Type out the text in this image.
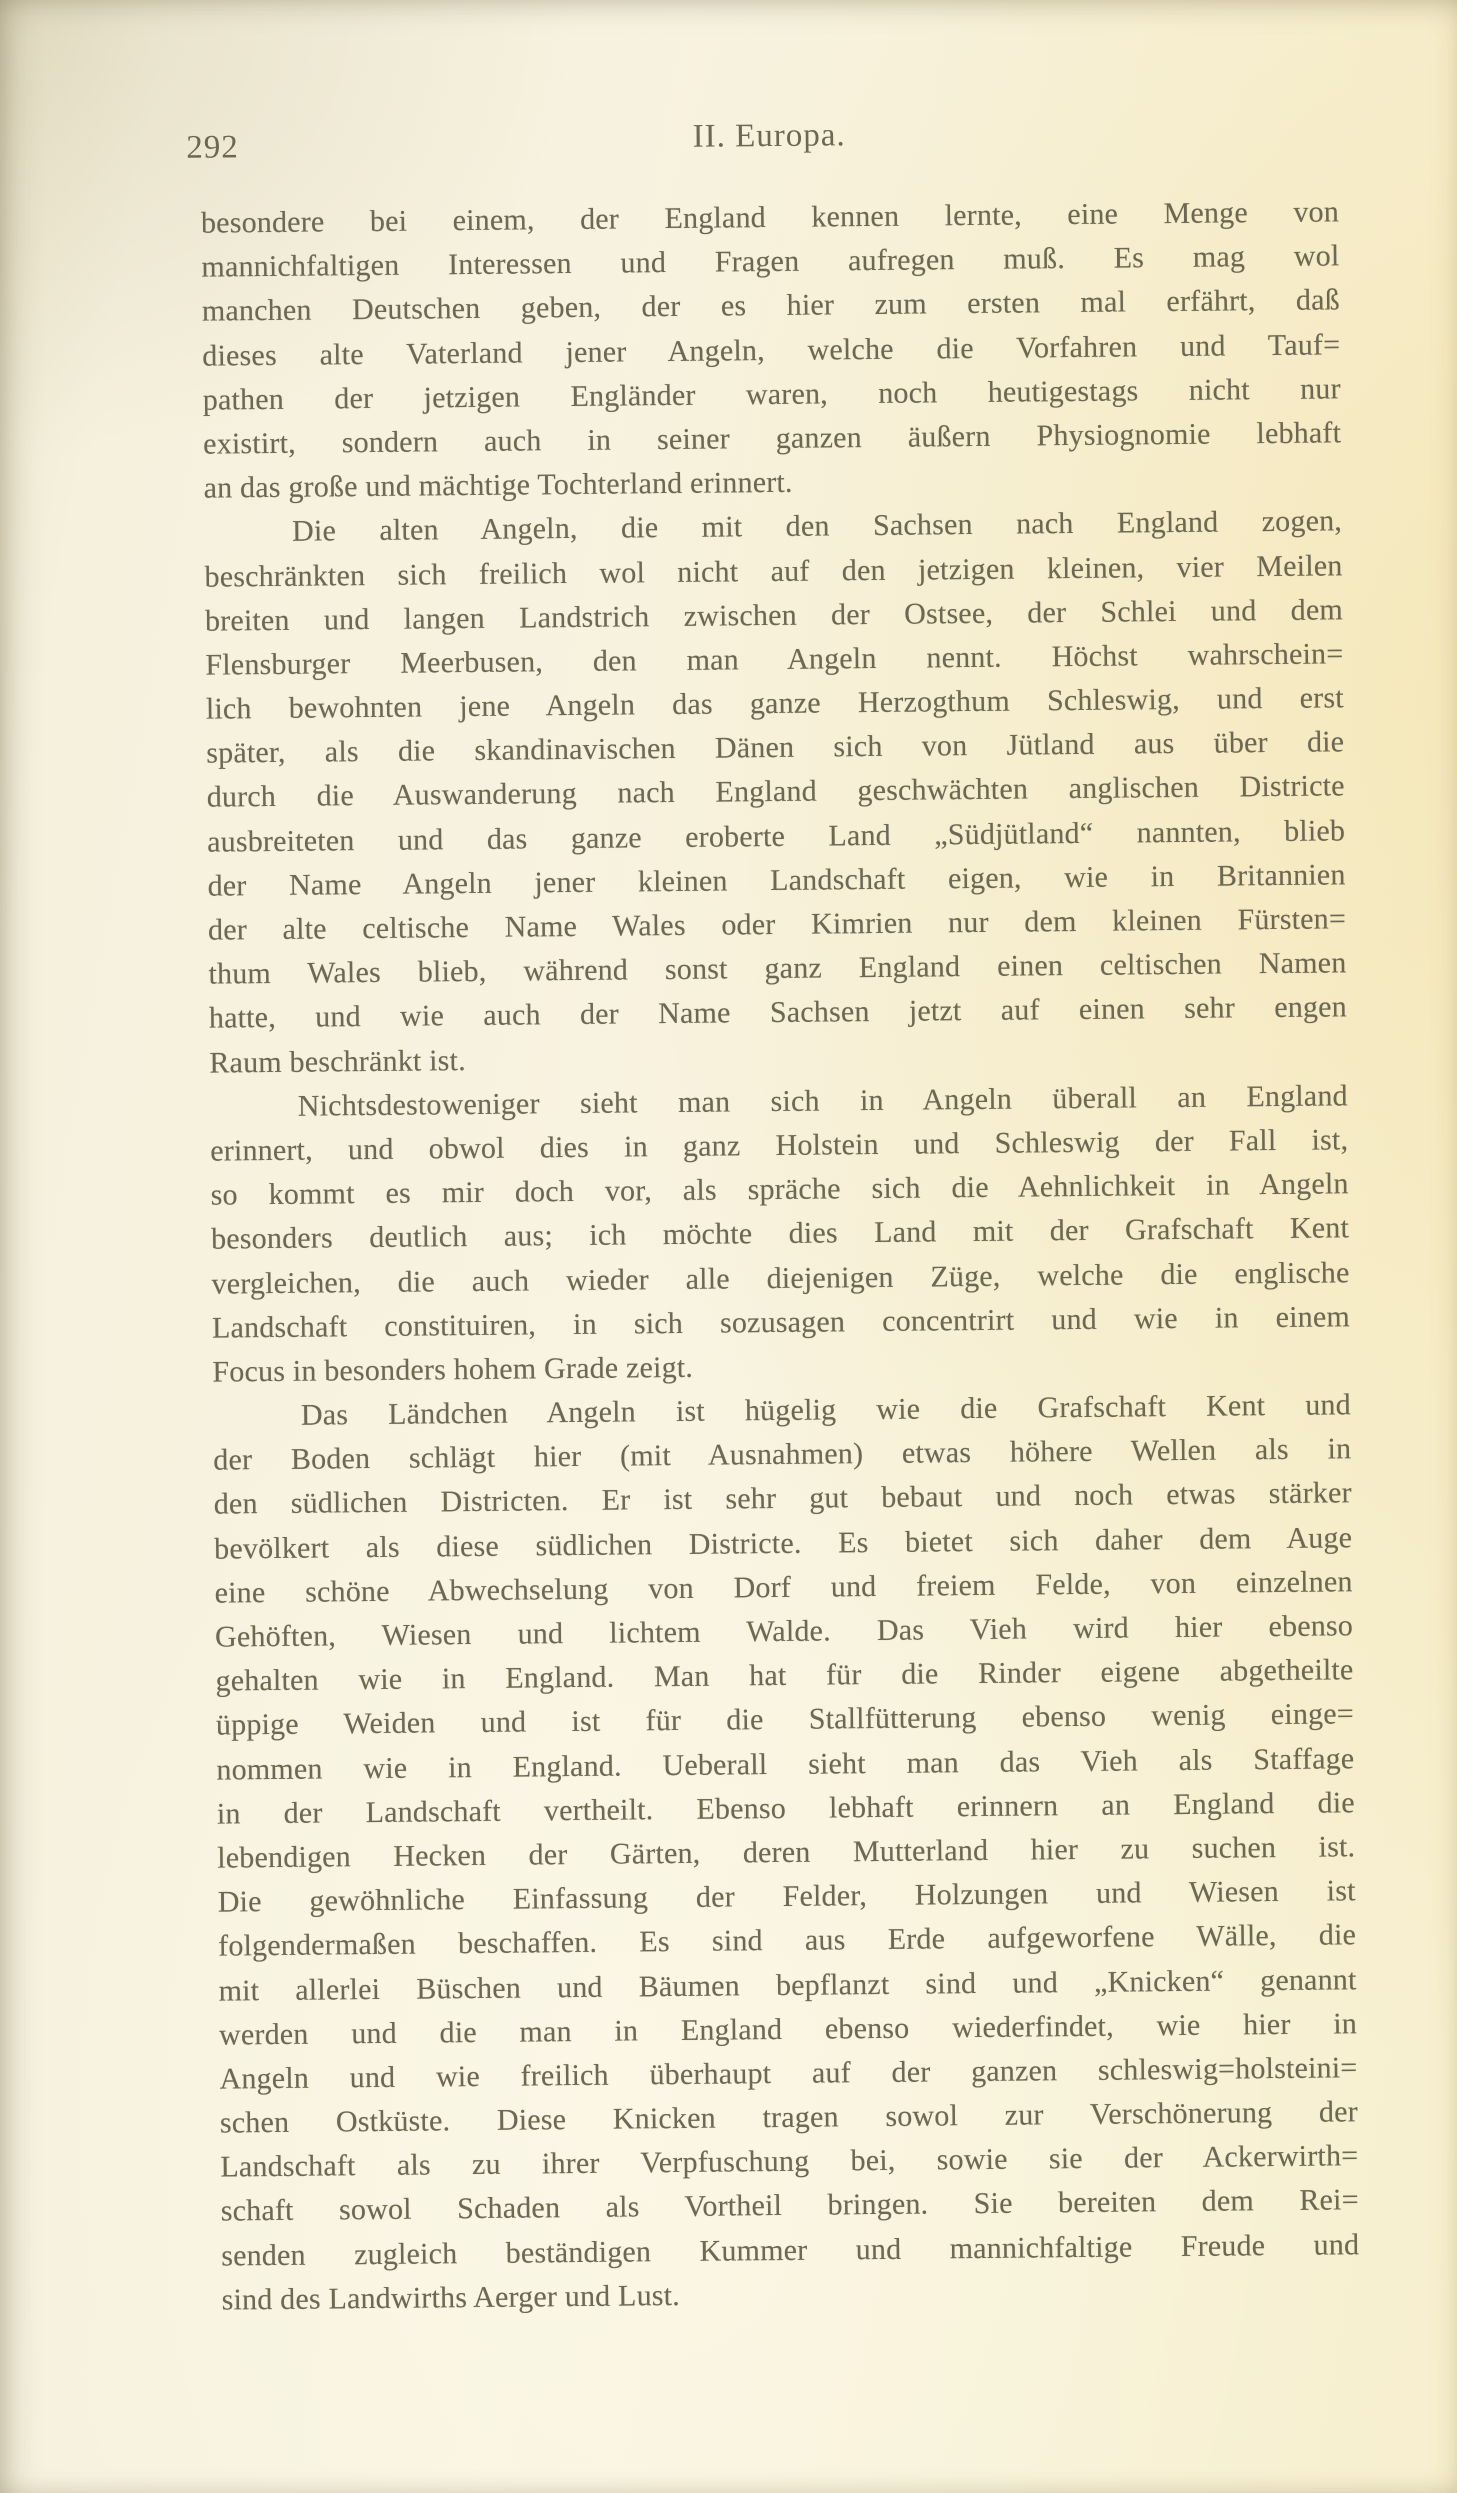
292	II. Europa.
besondere bei einem, der England kennen lernte, eine Menge von
mannichfaltigen Interessen und Fragen aufregen muß. Es mag wol
manchen Deutschen geben, der es hier zum ersten mal erfährt, daß
dieses alte Vaterland jener Angeln, welche die Vorfahren und Tauf=
pathen der jetzigen Engländer waren, noch heutigestags nicht nur
existirt, sondern auch in seiner ganzen äußern Physiognomie lebhaft
an das große und mächtige Tochterland erinnert.
Die alten Angeln, die mit den Sachsen nach England zogen,
beschränkten sich freilich wol nicht auf den jetzigen kleinen, vier Meilen
breiten und langen Landstrich zwischen der Ostsee, der Schlei und dem
Flensburger Meerbusen, den man Angeln nennt. Höchst wahrschein=
lich bewohnten jene Angeln das ganze Herzogthum Schleswig, und erst
später, als die skandinavischen Dänen sich von Jütland aus über die
durch die Auswanderung nach England geschwächten anglischen Districte
ausbreiteten und das ganze eroberte Land „Südjütland“ nannten, blieb
der Name Angeln jener kleinen Landschaft eigen, wie in Britannien
der alte celtische Name Wales oder Kimrien nur dem kleinen Fürsten=
thum Wales blieb, während sonst ganz England einen celtischen Namen
hatte, und wie auch der Name Sachsen jetzt auf einen sehr engen
Raum beschränkt ist.
Nichtsdestoweniger sieht man sich in Angeln überall an England
erinnert, und obwol dies in ganz Holstein und Schleswig der Fall ist,
so kommt es mir doch vor, als spräche sich die Aehnlichkeit in Angeln
besonders deutlich aus; ich möchte dies Land mit der Grafschaft Kent
vergleichen, die auch wieder alle diejenigen Züge, welche die englische
Landschaft constituiren, in sich sozusagen concentrirt und wie in einem
Focus in besonders hohem Grade zeigt.
Das Ländchen Angeln ist hügelig wie die Grafschaft Kent und
der Boden schlägt hier (mit Ausnahmen) etwas höhere Wellen als in
den südlichen Districten. Er ist sehr gut bebaut und noch etwas stärker
bevölkert als diese südlichen Districte. Es bietet sich daher dem Auge
eine schöne Abwechselung von Dorf und freiem Felde, von einzelnen
Gehöften, Wiesen und lichtem Walde. Das Vieh wird hier ebenso
gehalten wie in England. Man hat für die Rinder eigene abgetheilte
üppige Weiden und ist für die Stallfütterung ebenso wenig einge=
nommen wie in England. Ueberall sieht man das Vieh als Staffage
in der Landschaft vertheilt. Ebenso lebhaft erinnern an England die
lebendigen Hecken der Gärten, deren Mutterland hier zu suchen ist.
Die gewöhnliche Einfassung der Felder, Holzungen und Wiesen ist
folgendermaßen beschaffen. Es sind aus Erde aufgeworfene Wälle, die
mit allerlei Büschen und Bäumen bepflanzt sind und „Knicken“ genannt
werden und die man in England ebenso wiederfindet, wie hier in
Angeln und wie freilich überhaupt auf der ganzen schleswig=holsteini=
schen Ostküste. Diese Knicken tragen sowol zur Verschönerung der
Landschaft als zu ihrer Verpfuschung bei, sowie sie der Ackerwirth=
schaft sowol Schaden als Vortheil bringen. Sie bereiten dem Rei=
senden zugleich beständigen Kummer und mannichfaltige Freude und
sind des Landwirths Aerger und Lust.
